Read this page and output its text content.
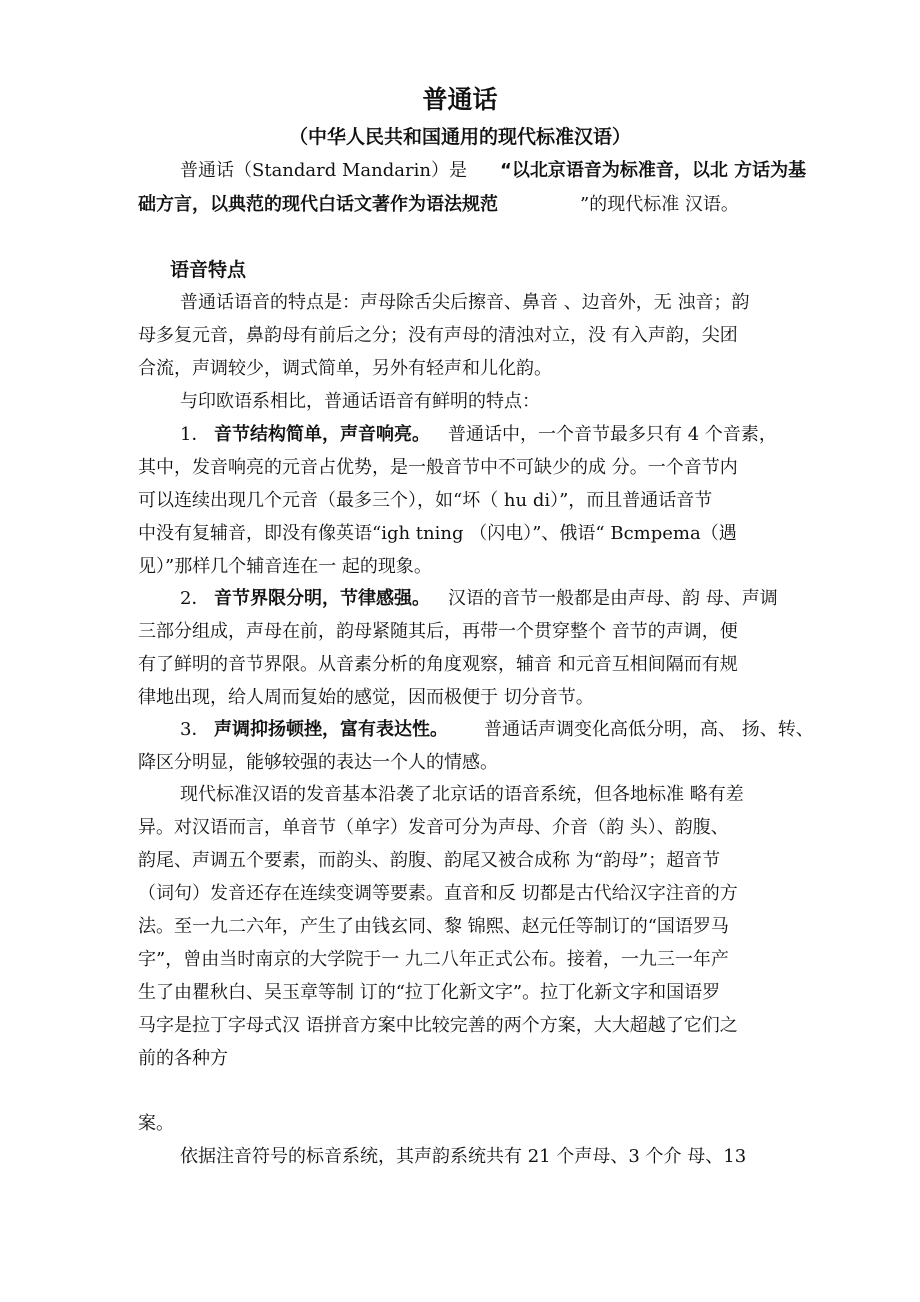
普通话
（中华人民共和国通用的现代标准汉语）
普通话（Standard Mandarin）是 “以北京语音为标准音，以北 方话为基
础方言，以典范的现代白话文著作为语法规范	”的现代标准 汉语。
语音特点
普通话语音的特点是：声母除舌尖后擦音、鼻音 、边音外，无 浊音；韵
母多复元音，鼻韵母有前后之分；没有声母的清浊对立，没 有入声韵，尖团
合流，声调较少，调式简单，另外有轻声和儿化韵。
与印欧语系相比，普通话语音有鲜明的特点：
1． 音节结构简单，声音响亮。 普通话中，一个音节最多只有 4 个音素，
其中，发音响亮的元音占优势，是一般音节中不可缺少的成 分。一个音节内
可以连续出现几个元音（最多三个），如“坏（ hu di）”，而且普通话音节
中没有复辅音，即没有像英语“igh tning （闪电）”、俄语“ Bcmpema（遇
见）”那样几个辅音连在一 起的现象。
2． 音节界限分明，节律感强。 汉语的音节一般都是由声母、韵 母、声调
三部分组成，声母在前，韵母紧随其后，再带一个贯穿整个 音节的声调，便
有了鲜明的音节界限。从音素分析的角度观察，辅音 和元音互相间隔而有规
律地出现，给人周而复始的感觉，因而极便于 切分音节。
3． 声调抑扬顿挫，富有表达性。 普通话声调变化高低分明，高、 扬、转、
降区分明显，能够较强的表达一个人的情感。
现代标准汉语的发音基本沿袭了北京话的语音系统，但各地标准 略有差
异。对汉语而言，单音节（单字）发音可分为声母、介音（韵 头）、韵腹、
韵尾、声调五个要素，而韵头、韵腹、韵尾又被合成称 为“韵母”；超音节
（词句）发音还存在连续变调等要素。直音和反 切都是古代给汉字注音的方
法。至一九二六年，产生了由钱玄同、黎 锦熙、赵元任等制订的“国语罗马
字”，曾由当时南京的大学院于一 九二八年正式公布。接着，一九三一年产
生了由瞿秋白、吴玉章等制 订的“拉丁化新文字”。拉丁化新文字和国语罗
马字是拉丁字母式汉 语拼音方案中比较完善的两个方案，大大超越了它们之
前的各种方
案。
依据注音符号的标音系统，其声韵系统共有 21 个声母、3 个介 母、13
